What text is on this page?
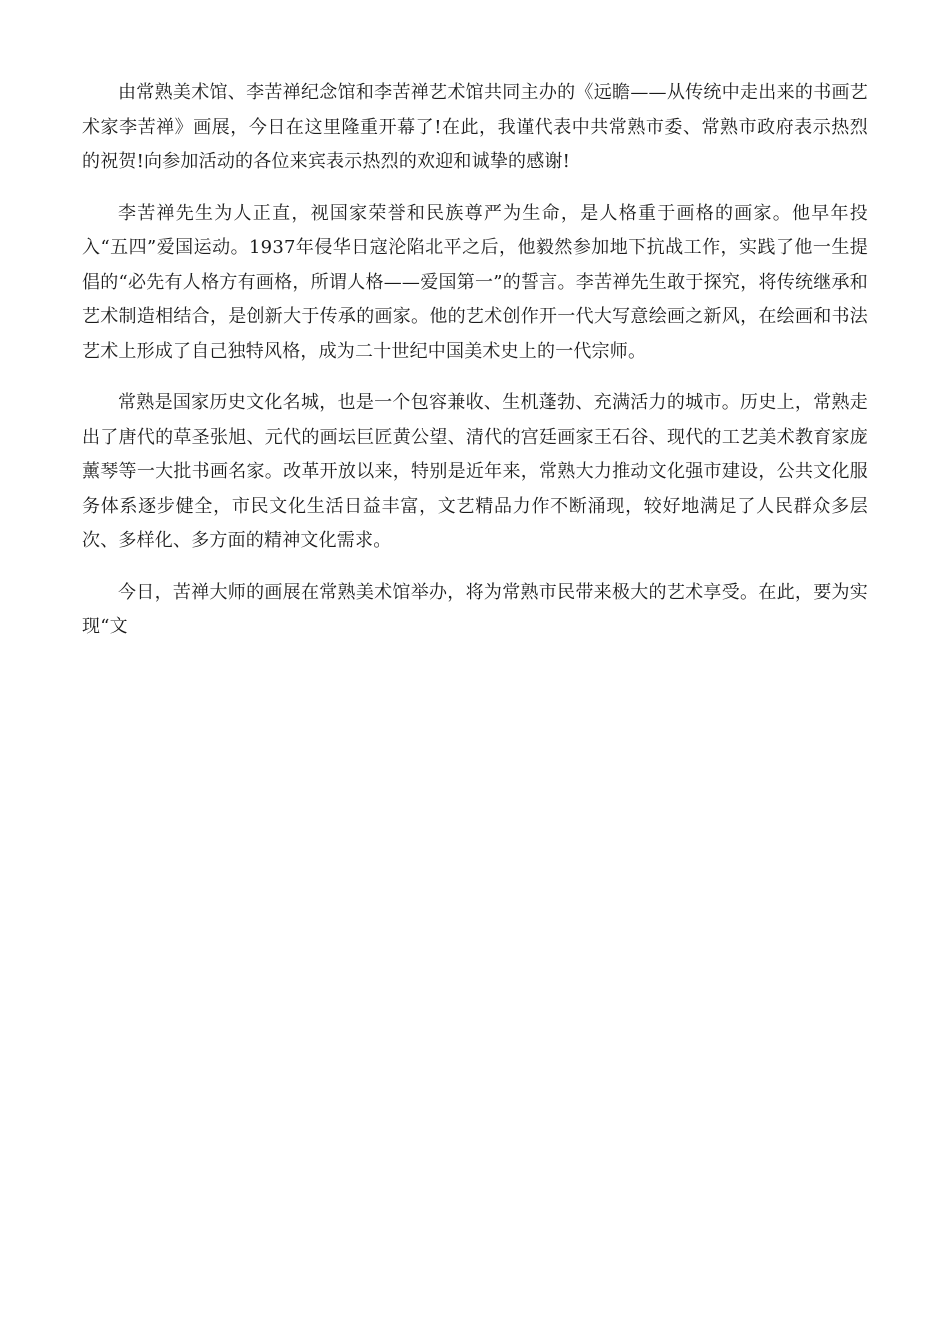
由常熟美术馆、李苦禅纪念馆和李苦禅艺术馆共同主办的《远瞻——从传统中走出来的书画艺术家李苦禅》画展，今日在这里隆重开幕了!在此，我谨代表中共常熟市委、常熟市政府表示热烈的祝贺!向参加活动的各位来宾表示热烈的欢迎和诚挚的感谢!

李苦禅先生为人正直，视国家荣誉和民族尊严为生命，是人格重于画格的画家。他早年投入“五四”爱国运动。1937年侵华日寇沦陷北平之后，他毅然参加地下抗战工作，实践了他一生提倡的“必先有人格方有画格，所谓人格——爱国第一”的誓言。李苦禅先生敢于探究，将传统继承和艺术制造相结合，是创新大于传承的画家。他的艺术创作开一代大写意绘画之新风，在绘画和书法艺术上形成了自己独特风格，成为二十世纪中国美术史上的一代宗师。

常熟是国家历史文化名城，也是一个包容兼收、生机蓬勃、充满活力的城市。历史上，常熟走出了唐代的草圣张旭、元代的画坛巨匠黄公望、清代的宫廷画家王石谷、现代的工艺美术教育家庞薰琴等一大批书画名家。改革开放以来，特别是近年来，常熟大力推动文化强市建设，公共文化服务体系逐步健全，市民文化生活日益丰富，文艺精品力作不断涌现，较好地满足了人民群众多层次、多样化、多方面的精神文化需求。

今日，苦禅大师的画展在常熟美术馆举办，将为常熟市民带来极大的艺术享受。在此，要为实现“文
